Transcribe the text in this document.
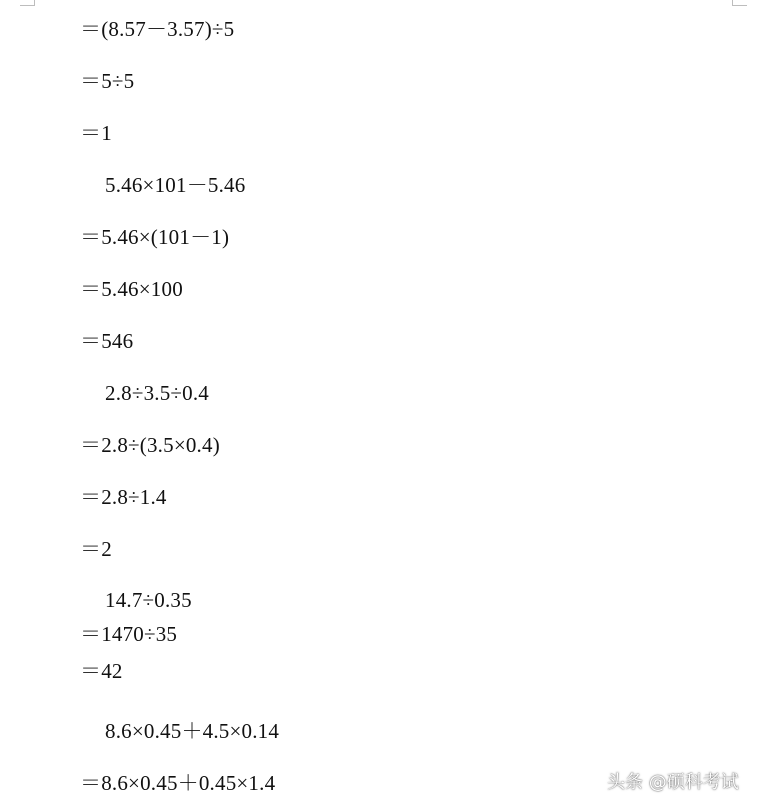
＝(8.57－3.57)÷5
＝5÷5
＝1
5.46×101－5.46
＝5.46×(101－1)
＝5.46×100
＝546
2.8÷3.5÷0.4
＝2.8÷(3.5×0.4)
＝2.8÷1.4
＝2
14.7÷0.35
＝1470÷35
＝42
8.6×0.45＋4.5×0.14
＝8.6×0.45＋0.45×1.4	头条 @硕科考试
